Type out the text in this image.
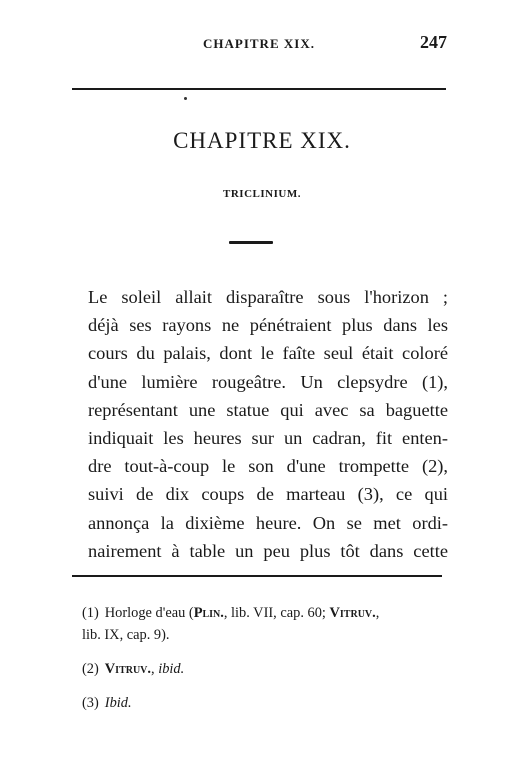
CHAPITRE XIX.	247
CHAPITRE XIX.
TRICLINIUM.

Le soleil allait disparaître sous l'horizon ;
déjà ses rayons ne pénétraient plus dans les
cours du palais, dont le faîte seul était coloré
d'une lumière rougeâtre. Un clepsydre (1),
représentant une statue qui avec sa baguette
indiquait les heures sur un cadran, fit enten-
dre tout-à-coup le son d'une trompette (2),
suivi de dix coups de marteau (3), ce qui
annonça la dixième heure. On se met ordi-
nairement à table un peu plus tôt dans cette

(1) Horloge d'eau (Plin., lib. VII, cap. 60; Vitruv.,
lib. IX, cap. 9).
(2) Vitruv., ibid.
(3) Ibid.
